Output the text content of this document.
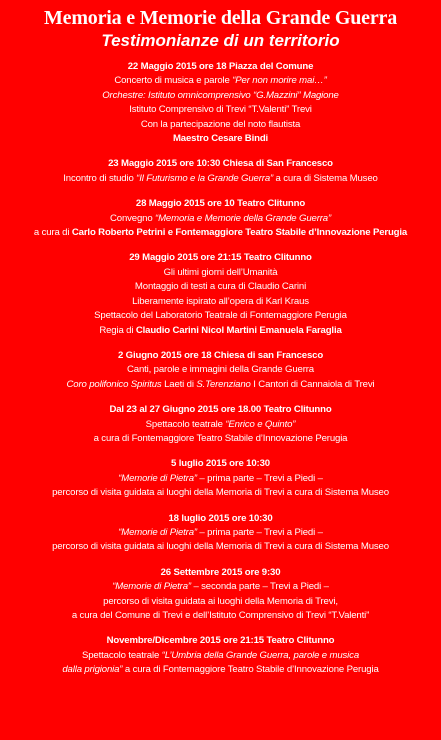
Memoria e Memorie della Grande Guerra
Testimonianze di un territorio
22 Maggio 2015 ore 18 Piazza del Comune
Concerto di musica e parole “Per non morire mai…”
Orchestre: Istituto omnicomprensivo “G.Mazzini” Magione
Istituto Comprensivo di Trevi “T.Valenti” Trevi
Con la partecipazione del noto flautista
Maestro Cesare Bindi
23 Maggio 2015 ore 10:30 Chiesa di San Francesco
Incontro di studio “Il Futurismo e la Grande Guerra” a cura di Sistema Museo
28 Maggio 2015 ore 10 Teatro Clitunno
Convegno “Memoria e Memorie della Grande Guerra”
a cura di Carlo Roberto Petrini e Fontemaggiore Teatro Stabile d’Innovazione Perugia
29 Maggio 2015 ore 21:15 Teatro Clitunno
Gli ultimi giorni dell’Umanità
Montaggio di testi a cura di Claudio Carini
Liberamente ispirato all’opera di Karl Kraus
Spettacolo del Laboratorio Teatrale di Fontemaggiore Perugia
Regia di Claudio Carini Nicol Martini Emanuela Faraglia
2 Giugno 2015 ore 18 Chiesa di san Francesco
Canti, parole e immagini della Grande Guerra
Coro polifonico Spiritus Laeti di S.Terenziano I Cantori di Cannaiola di Trevi
Dal 23 al 27 Giugno 2015 ore 18.00 Teatro Clitunno
Spettacolo teatrale “Enrico e Quinto”
a cura di Fontemaggiore Teatro Stabile d’Innovazione Perugia
5 luglio 2015 ore 10:30
“Memorie di Pietra” – prima parte – Trevi a Piedi –
percorso di visita guidata ai luoghi della Memoria di Trevi a cura di Sistema Museo
18 luglio 2015 ore 10:30
“Memorie di Pietra” – prima parte – Trevi a Piedi –
percorso di visita guidata ai luoghi della Memoria di Trevi a cura di Sistema Museo
26 Settembre 2015 ore 9:30
“Memorie di Pietra” – seconda parte – Trevi a Piedi –
percorso di visita guidata ai luoghi della Memoria di Trevi,
a cura del Comune di Trevi e dell’Istituto Comprensivo di Trevi “T.Valenti”
Novembre/Dicembre 2015 ore 21:15 Teatro Clitunno
Spettacolo teatrale “L’Umbria della Grande Guerra, parole e musica
dalla prigionia” a cura di Fontemaggiore Teatro Stabile d’Innovazione Perugia
